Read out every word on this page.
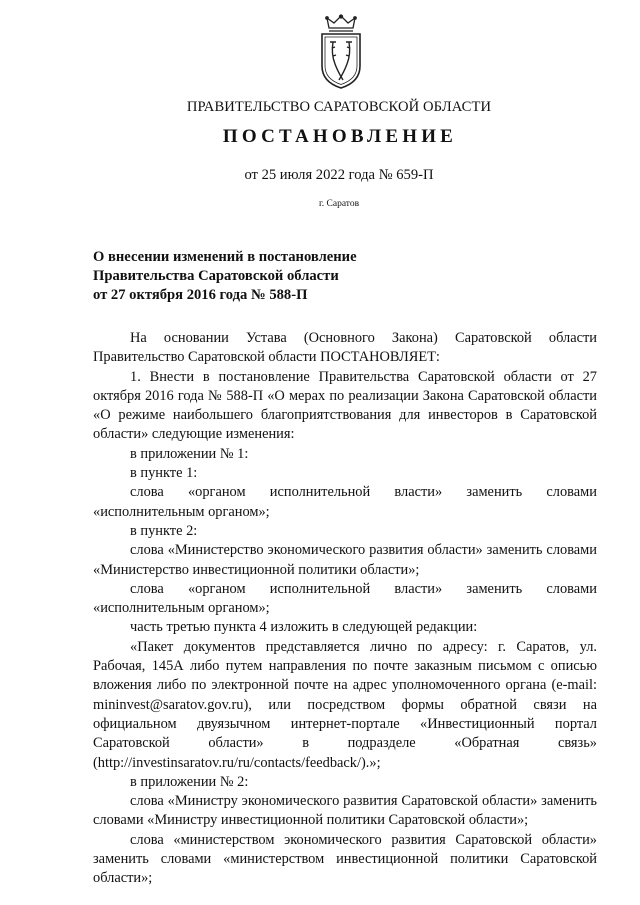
ПРАВИТЕЛЬСТВО САРАТОВСКОЙ ОБЛАСТИ
ПОСТАНОВЛЕНИЕ
от 25 июля 2022 года № 659-П
г. Саратов
О внесении изменений в постановление
Правительства Саратовской области
от 27 октября 2016 года № 588-П

На основании Устава (Основного Закона) Саратовской области Правительство Саратовской области ПОСТАНОВЛЯЕТ:

1. Внести в постановление Правительства Саратовской области от 27 октября 2016 года № 588-П «О мерах по реализации Закона Саратовской области «О режиме наибольшего благоприятствования для инвесторов в Саратовской области» следующие изменения:

в приложении № 1:

в пункте 1:

слова «органом исполнительной власти» заменить словами «исполнительным органом»;

в пункте 2:

слова «Министерство экономического развития области» заменить словами «Министерство инвестиционной политики области»;

слова «органом исполнительной власти» заменить словами «исполнительным органом»;

часть третью пункта 4 изложить в следующей редакции:

«Пакет документов представляется лично по адресу: г. Саратов, ул. Рабочая, 145А либо путем направления по почте заказным письмом с описью вложения либо по электронной почте на адрес уполномоченного органа (e-mail: mininvest@saratov.gov.ru), или посредством формы обратной связи на официальном двуязычном интернет-портале «Инвестиционный портал Саратовской области» в подразделе «Обратная связь» (http://investinsaratov.ru/ru/contacts/feedback/).»;

в приложении № 2:

слова «Министру экономического развития Саратовской области» заменить словами «Министру инвестиционной политики Саратовской области»;

слова «министерством экономического развития Саратовской области» заменить словами «министерством инвестиционной политики Саратовской области»;
